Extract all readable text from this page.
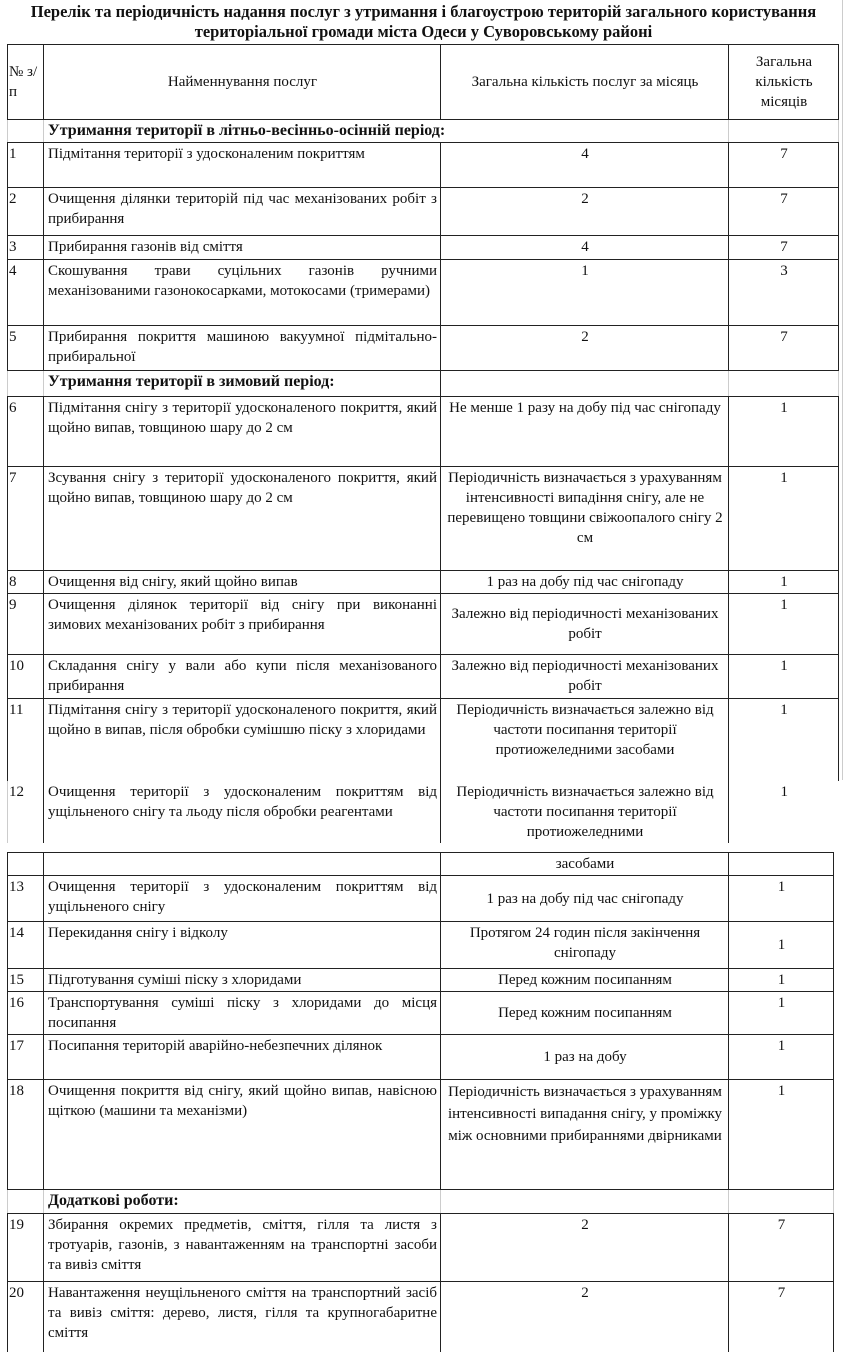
Перелік та періодичність надання послуг з утримання і благоустрою територій загального користування територіальної громади міста Одеси у Суворовському районі
№ з/п	Найменнування послуг	Загальна кількість послуг за місяць	Загальна кількість місяців
	Утримання території в літньо-весінньо-осінній період:		
1	Підмітання території з удосконаленим покриттям	4	7
2	Очищення ділянки територій під час механізованих робіт з прибирання	2	7
3	Прибирання газонів від сміття	4	7
4	Скошування трави суцільних газонів ручними механізованими газонокосарками, мотокосами (тримерами)	1	3
5	Прибирання покриття машиною вакуумної підмітально-прибиральної	2	7
	Утримання території в зимовий період:		
6	Підмітання снігу з території удосконаленого покриття, який щойно випав, товщиною шару до 2 см	Не менше 1 разу на добу під час снігопаду	1
7	Зсування снігу з території удосконаленого покриття, який щойно випав, товщиною шару до 2 см	Періодичність визначається з урахуванням інтенсивності випадіння снігу, але не перевищено товщини свіжоопалого снігу 2 см	1
8	Очищення від снігу, який щойно випав	1 раз на добу під час снігопаду	1
9	Очищення ділянок території від снігу при виконанні зимових механізованих робіт з прибирання	Залежно від періодичності механізованих робіт	1
10	Складання снігу у вали або купи після механізованого прибирання	Залежно від періодичності механізованих робіт	1
11	Підмітання снігу з території удосконаленого покриття, який щойно в випав, після обробки сумішшю піску з хлоридами	Періодичність визначається залежно від частоти посипання території протиожеледними засобами	1
12	Очищення території з удосконаленим покриттям від ущільненого снігу та льоду після обробки реагентами	Періодичність визначається залежно від частоти посипання території протиожеледними	1
		засобами	
13	Очищення території з удосконаленим покриттям від ущільненого снігу	1 раз на добу під час снігопаду	1
14	Перекидання снігу і відколу	Протягом 24 годин після закінчення снігопаду	1
15	Підготування суміші піску з хлоридами	Перед кожним посипанням	1
16	Транспортування суміші піску з хлоридами до місця посипання	Перед кожним посипанням	1
17	Посипання територій аварійно-небезпечних ділянок	1 раз на добу	1
18	Очищення покриття від снігу, який щойно випав, навісною щіткою (машини та механізми)	Періодичність визначається з урахуванням інтенсивності випадання снігу, у проміжку між основними прибираннями двірниками	1
	Додаткові роботи:		
19	Збирання окремих предметів, сміття, гілля та листя з тротуарів, газонів, з навантаженням на транспортні засоби та вивіз сміття	2	7
20	Навантаження неущільненого сміття на транспортний засіб та вивіз сміття: дерево, листя, гілля та крупногабаритне сміття	2	7
